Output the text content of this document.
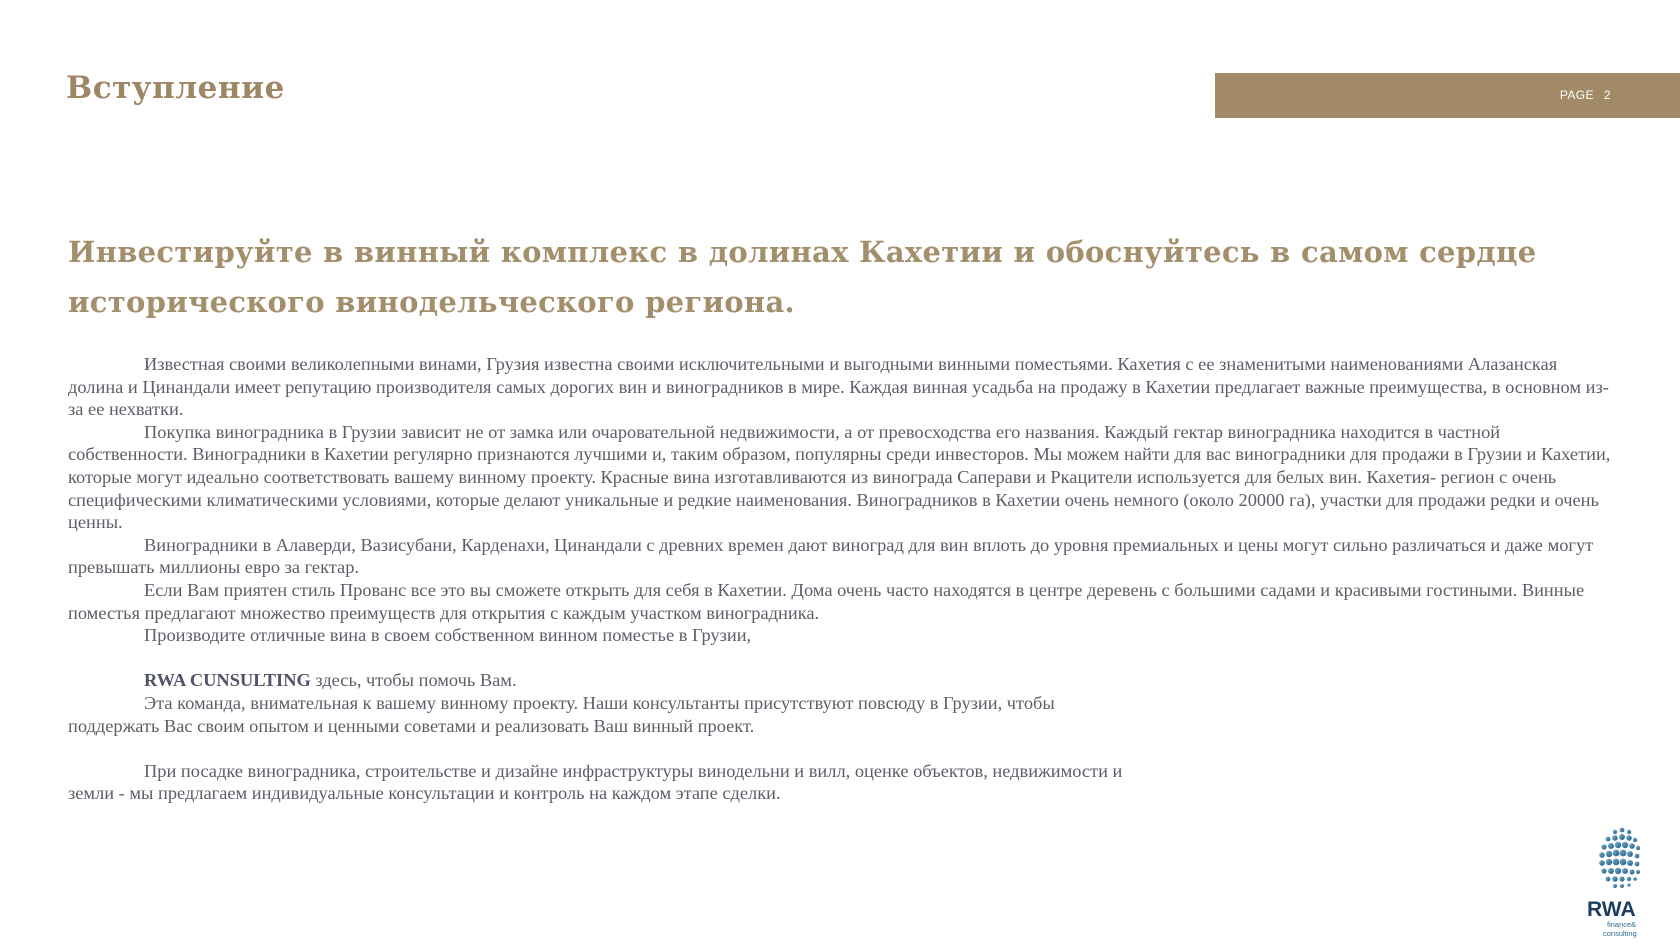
Вступление	PAGE 2
Инвестируйте в винный комплекс в долинах Кахетии и обоснуйтесь в самом сердце
исторического винодельческого региона.

Известная своими великолепными винами, Грузия известна своими исключительными и выгодными винными поместьями. Кахетия с ее знаменитыми наименованиями Алазанская долина и Цинандали имеет репутацию производителя самых дорогих вин и виноградников в мире. Каждая винная усадьба на продажу в Кахетии предлагает важные преимущества, в основном из-за ее нехватки.

Покупка виноградника в Грузии зависит не от замка или очаровательной недвижимости, а от превосходства его названия. Каждый гектар виноградника находится в частной собственности. Виноградники в Кахетии регулярно признаются лучшими и, таким образом, популярны среди инвесторов. Мы можем найти для вас виноградники для продажи в Грузии и Кахетии, которые могут идеально соответствовать вашему винному проекту. Красные вина изготавливаются из винограда Саперави и Ркацители используется для белых вин. Кахетия- регион с очень специфическими климатическими условиями, которые делают уникальные и редкие наименования. Виноградников в Кахетии очень немного (около 20000 га), участки для продажи редки и очень ценны.

Виноградники в Алаверди, Вазисубани, Карденахи, Цинандали с древних времен дают виноград для вин вплоть до уровня премиальных и цены могут сильно различаться и даже могут превышать миллионы евро за гектар.

Если Вам приятен стиль Прованс все это вы сможете открыть для себя в Кахетии. Дома очень часто находятся в центре деревень с большими садами и красивыми гостиными. Винные поместья предлагают множество преимуществ для открытия с каждым участком виноградника.

Производите отличные вина в своем собственном винном поместье в Грузии,

RWA CUNSULTING здесь, чтобы помочь Вам.

Эта команда, внимательная к вашему винному проекту. Наши консультанты присутствуют повсюду в Грузии, чтобы

поддержать Вас своим опытом и ценными советами и реализовать Ваш винный проект.

При посадке виноградника, строительстве и дизайне инфраструктуры винодельни и вилл, оценке объектов, недвижимости и

земли - мы предлагаем индивидуальные консультации и контроль на каждом этапе сделки.

RWA
finance&
consulting
